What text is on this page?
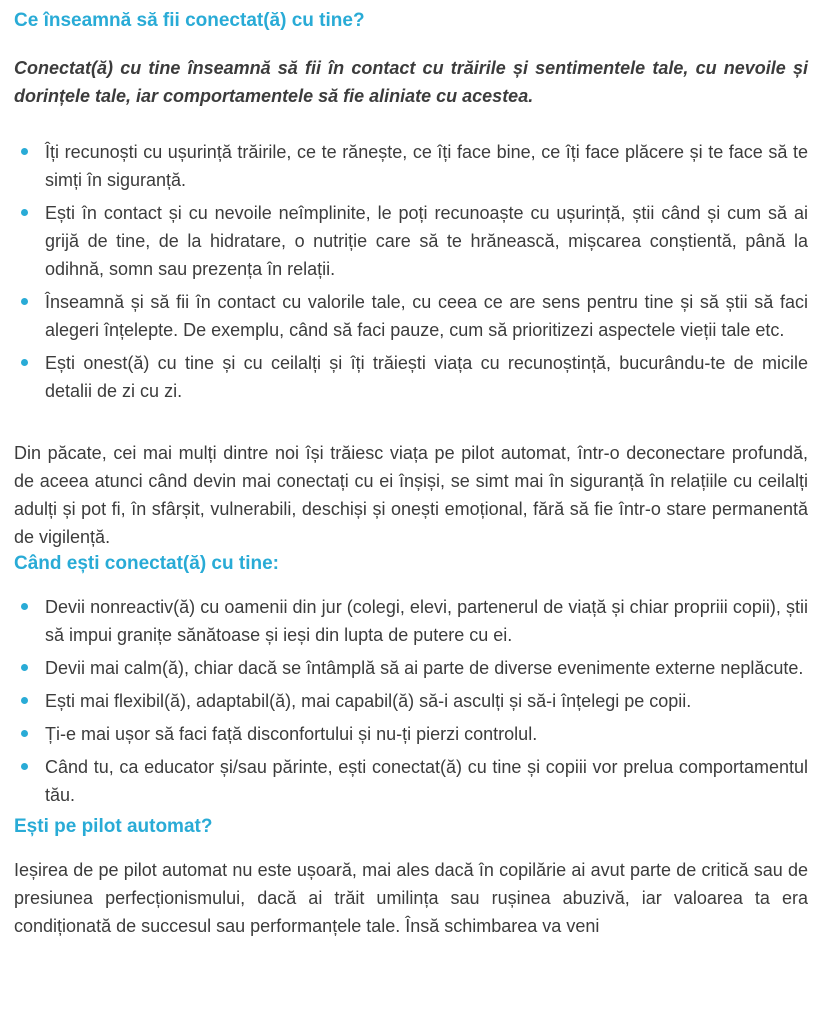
Ce înseamnă să fii conectat(ă) cu tine?

Conectat(ă) cu tine înseamnă să fii în contact cu trăirile și sentimentele tale, cu nevoile și dorințele tale, iar comportamentele să fie aliniate cu acestea.

Îți recunoști cu ușurință trăirile, ce te rănește, ce îți face bine, ce îți face plăcere și te face să te simți în siguranță.
Ești în contact și cu nevoile neîmplinite, le poți recunoaște cu ușurință, știi când și cum să ai grijă de tine, de la hidratare, o nutriție care să te hrănească, mișcarea conștientă, până la odihnă, somn sau prezența în relații.
Înseamnă și să fii în contact cu valorile tale, cu ceea ce are sens pentru tine și să știi să faci alegeri înțelepte. De exemplu, când să faci pauze, cum să prioritizezi aspectele vieții tale etc.
Ești onest(ă) cu tine și cu ceilalți și îți trăiești viața cu recunoștință, bucurându-te de micile detalii de zi cu zi.

Din păcate, cei mai mulți dintre noi își trăiesc viața pe pilot automat, într-o deconectare profundă, de aceea atunci când devin mai conectați cu ei înșiși, se simt mai în siguranță în relațiile cu ceilalți adulți și pot fi, în sfârșit, vulnerabili, deschiși și onești emoțional, fără să fie într-o stare permanentă de vigilență.

Când ești conectat(ă) cu tine:
Devii nonreactiv(ă) cu oamenii din jur (colegi, elevi, partenerul de viață și chiar propriii copii), știi să impui granițe sănătoase și ieși din lupta de putere cu ei.
Devii mai calm(ă), chiar dacă se întâmplă să ai parte de diverse evenimente externe neplăcute.
Ești mai flexibil(ă), adaptabil(ă), mai capabil(ă) să-i asculți și să-i înțelegi pe copii.
Ți-e mai ușor să faci față disconfortului și nu-ți pierzi controlul.
Când tu, ca educator și/sau părinte, ești conectat(ă) cu tine și copiii vor prelua comportamentul tău.
Ești pe pilot automat?

Ieșirea de pe pilot automat nu este ușoară, mai ales dacă în copilărie ai avut parte de critică sau de presiunea perfecționismului, dacă ai trăit umilința sau rușinea abuzivă, iar valoarea ta era condiționată de succesul sau performanțele tale. Însă schimbarea va veni
